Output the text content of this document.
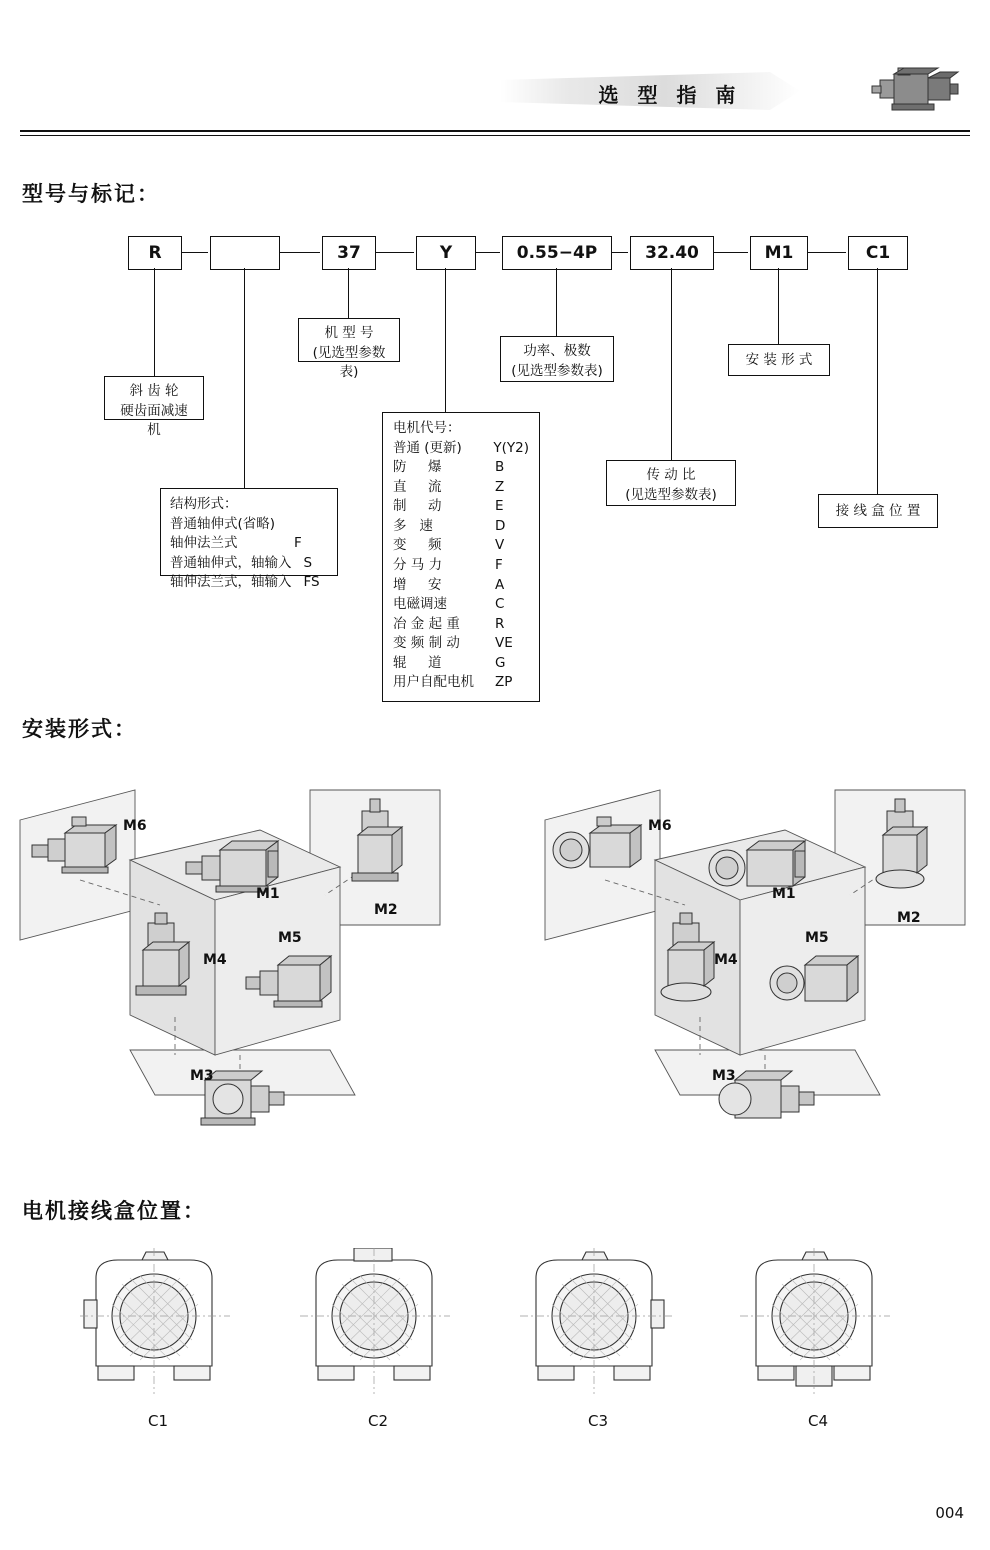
选 型 指 南
型号与标记：
R	37	Y	0.55−4P	32.40	M1	C1
斜 齿 轮
硬齿面减速机
结构形式：
普通轴伸式(省略)
轴伸法兰式	F
普通轴伸式，轴输入 S
轴伸法兰式，轴输入 FS
机 型 号
(见选型参数表)
电机代号：
普通 (更新) Y(Y2)
防     爆	B
直     流	Z
制     动	E
多   速	D
变     频	V
分 马 力	F
增     安	A
电磁调速	C
冶 金 起 重	R
变 频 制 动	VE
辊     道	G
用户自配电机 ZP
功率、极数
(见选型参数表)
传 动 比
(见选型参数表)
安 装 形 式
接 线 盒 位 置
安装形式：
M6
M1
M2
M4
M5
M3
M6
M1
M2
M4
M5
M3
电机接线盒位置：
C1	C2	C3	C4
004
